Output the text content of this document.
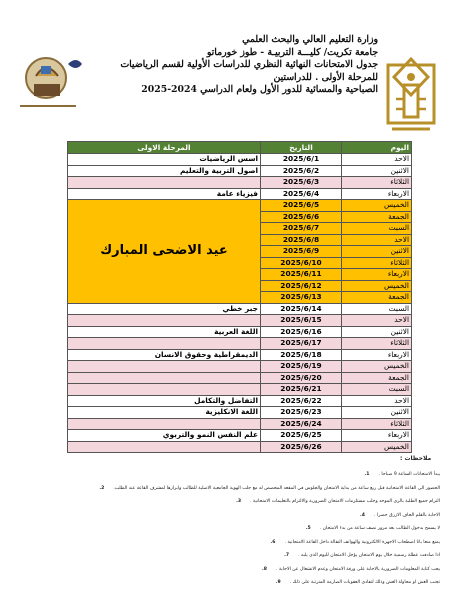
وزارة التعليم العالي والبحث العلمي
جامعة تكريت/ كليـــة التربيـة - طوز خورماتو
جدول الامتحانات النهائية النظري للدراسات الأولية لقسم الرياضيات
للمرحلة الأولى . للدراستين
الصباحية والمسائية للدور الأول ولعام الدراسي 2024-2025
اليوم	التاريخ	المرحلة الاولى
الاحد	2025/6/1	اسس الرياضيات
الاثنين	2025/6/2	اصول التربية والتعليم
الثلاثاء	2025/6/3	
الاربعاء	2025/6/4	فيزياء عامة
الخميس	2025/6/5	عيد الاضحى المبارك
الجمعة	2025/6/6	
السبت	2025/6/7	
الاحد	2025/6/8	
الاثنين	2025/6/9	
الثلاثاء	2025/6/10	
الاربعاء	2025/6/11	
الخميس	2025/6/12	
الجمعة	2025/6/13	
السبت	2025/6/14	جبر خطي
الاحد	2025/6/15	
الاثنين	2025/6/16	اللغة العربية
الثلاثاء	2025/6/17	
الاربعاء	2025/6/18	الديمقراطية وحقوق الانسان
الخميس	2025/6/19	
الجمعة	2025/6/20	
السبت	2025/6/21	
الاحد	2025/6/22	التفاضل والتكامل
الاثنين	2025/6/23	اللغة الانكليزية
الثلاثاء	2025/6/24	
الاربعاء	2025/6/25	علم النفس النمو والتربوي
الخميس	2025/6/26	
ملاحظات :
يبدأ الامتحانات الساعة 9 صباحا .1.
الحضور الى القاعة الامتحانية قبل ربع ساعة من بداية الامتحان والجلوس في المقعد المخصص له مع جلب الهوية الجامعية الاصلية للطالب وابرازها لمشرف القاعة عند الطلب.2.
التزام جميع الطلبة بالزي الموحد وجلب مستلزمات الامتحان الضرورية والالتزام بالتعليمات الامتحانية .3.
الاجابة بالقلم الجاف الازرق حصرا .4.
لا يسمح بدخول الطالب بعد مرور نصف ساعة من بدء الامتحان .5.
يمنع منعا باتا اصطحاب الاجهزة الالكترونية والهواتف النقالة داخل القاعة الامتحانية .6.
اذا صادفت عطلة رسمية خلال يوم الامتحان يؤجل الامتحان لليوم الذي يليه .7.
يجب كتابة المعلومات الضرورية بالاجابة على ورقة الامتحان وعدم الانشغال عن الاجابة .8.
تجنب الغش او محاولة الغش وذلك لتفادي العقوبات الصارمة المترتبة على ذلك .9.
